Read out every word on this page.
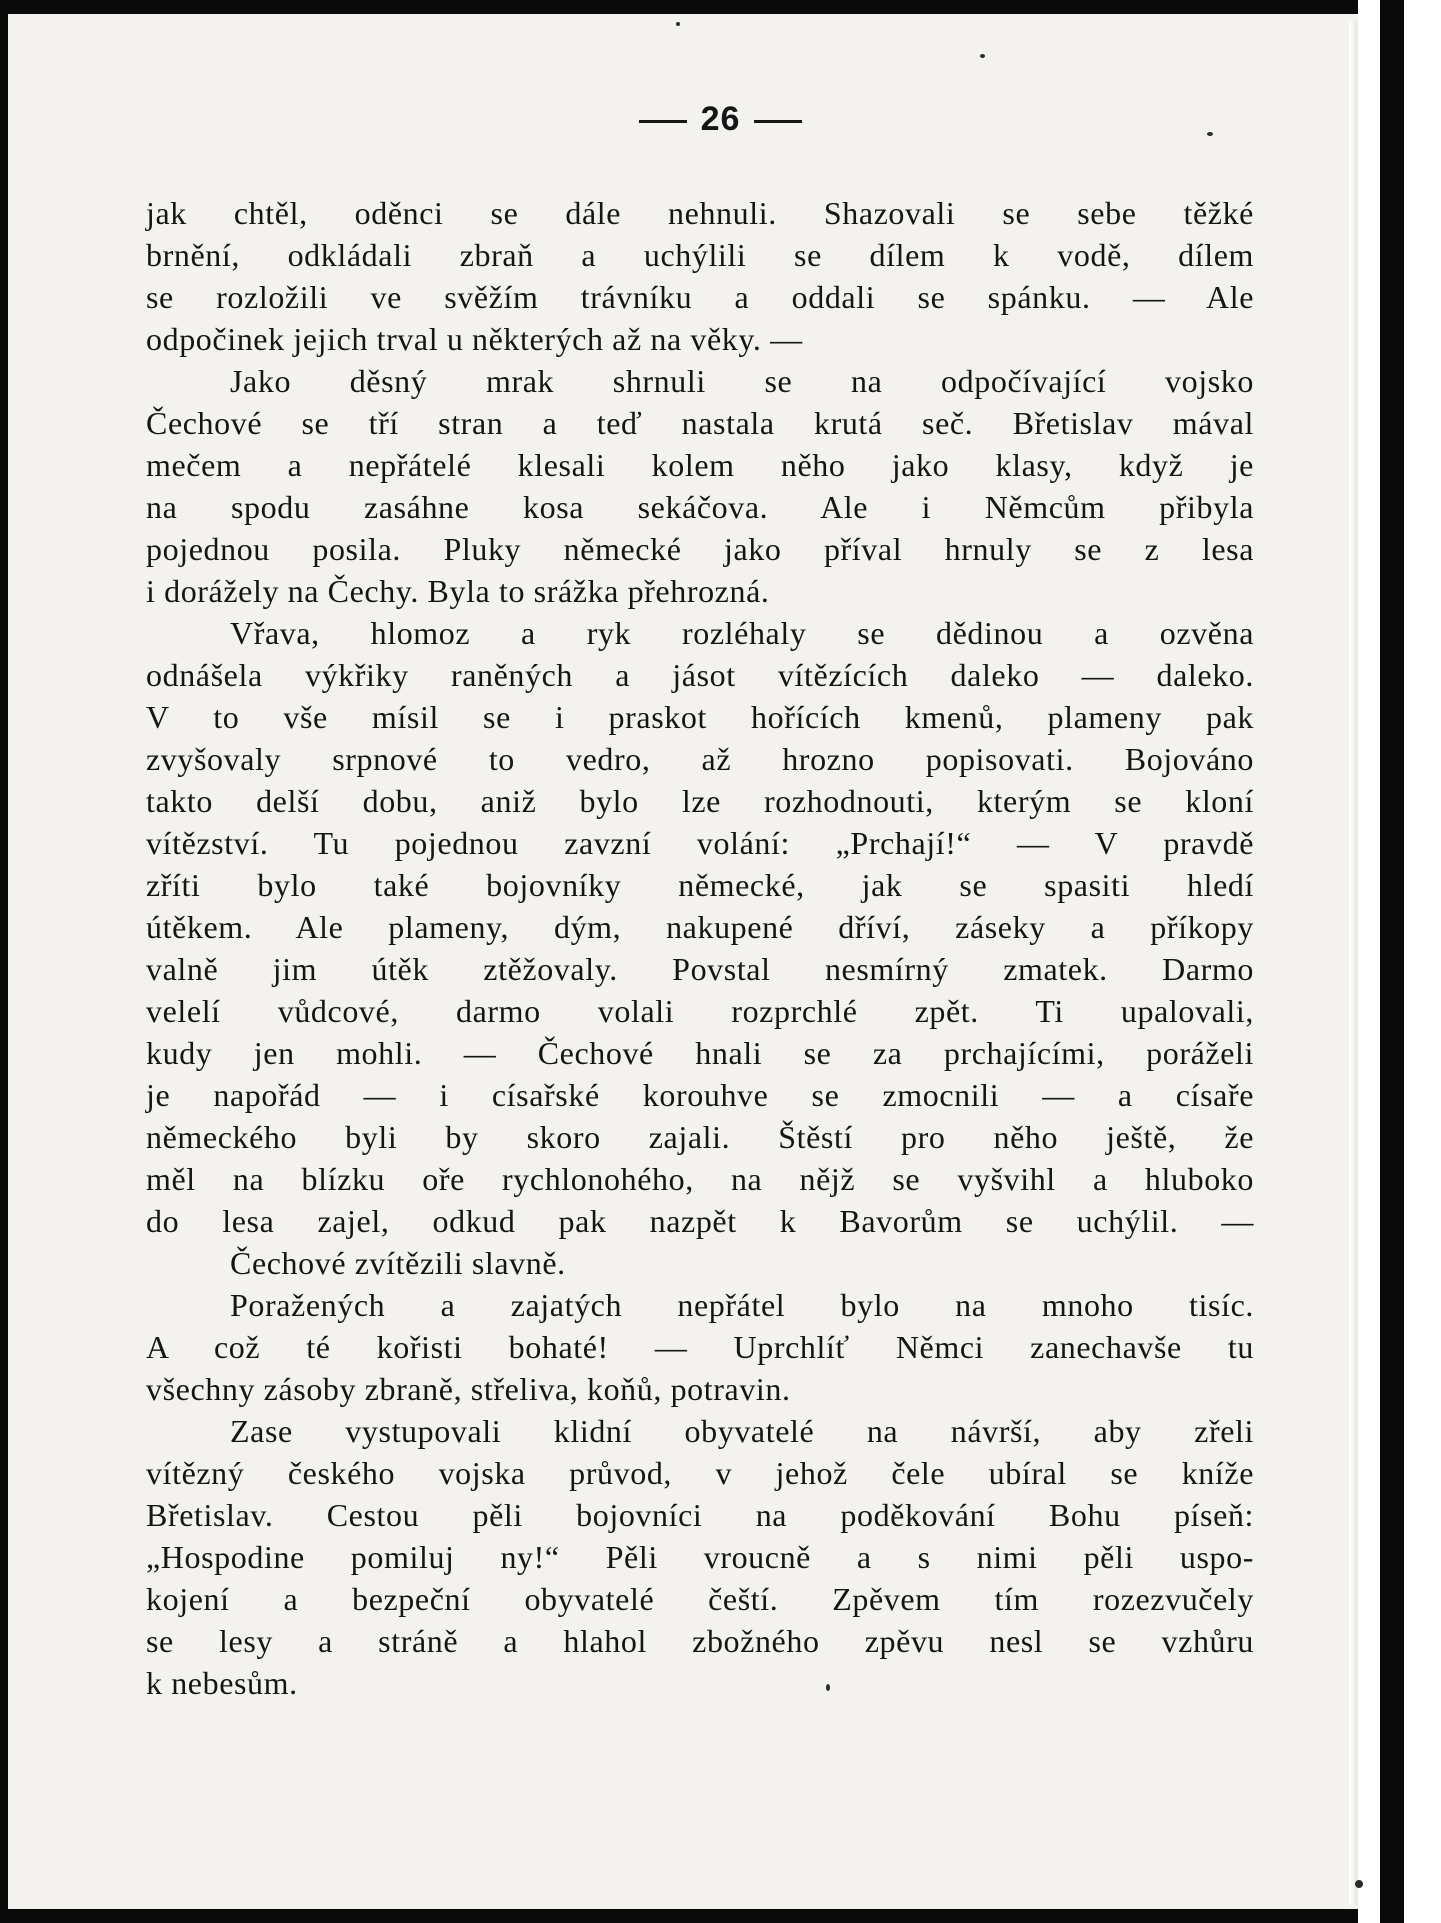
26
jak chtěl, oděnci se dále nehnuli. Shazovali se sebe těžké
brnění, odkládali zbraň a uchýlili se dílem k vodě, dílem
se rozložili ve svěžím trávníku a oddali se spánku. — Ale
odpočinek jejich trval u některých až na věky. —
Jako děsný mrak shrnuli se na odpočívající vojsko
Čechové se tří stran a teď nastala krutá seč. Břetislav mával
mečem a nepřátelé klesali kolem něho jako klasy, když je
na spodu zasáhne kosa sekáčova. Ale i Němcům přibyla
pojednou posila. Pluky německé jako příval hrnuly se z lesa
i dorážely na Čechy. Byla to srážka přehrozná.
Vřava, hlomoz a ryk rozléhaly se dědinou a ozvěna
odnášela výkřiky raněných a jásot vítězících daleko — daleko.
V to vše mísil se i praskot hořících kmenů, plameny pak
zvyšovaly srpnové to vedro, až hrozno popisovati. Bojováno
takto delší dobu, aniž bylo lze rozhodnouti, kterým se kloní
vítězství. Tu pojednou zavzní volání: „Prchají!“ — V pravdě
zříti bylo také bojovníky německé, jak se spasiti hledí
útěkem. Ale plameny, dým, nakupené dříví, záseky a příkopy
valně jim útěk ztěžovaly. Povstal nesmírný zmatek. Darmo
velelí vůdcové, darmo volali rozprchlé zpět. Ti upalovali,
kudy jen mohli. — Čechové hnali se za prchajícími, poráželi
je napořád — i císařské korouhve se zmocnili — a císaře
německého byli by skoro zajali. Štěstí pro něho ještě, že
měl na blízku oře rychlonohého, na nějž se vyšvihl a hluboko
do lesa zajel, odkud pak nazpět k Bavorům se uchýlil. —
Čechové zvítězili slavně.
Poražených a zajatých nepřátel bylo na mnoho tisíc.
A což té kořisti bohaté! — Uprchlíť Němci zanechavše tu
všechny zásoby zbraně, střeliva, koňů, potravin.
Zase vystupovali klidní obyvatelé na návrší, aby zřeli
vítězný českého vojska průvod, v jehož čele ubíral se kníže
Břetislav. Cestou pěli bojovníci na poděkování Bohu píseň:
„Hospodine pomiluj ny!“ Pěli vroucně a s nimi pěli uspo-
kojení a bezpeční obyvatelé čeští. Zpěvem tím rozezvučely
se lesy a stráně a hlahol zbožného zpěvu nesl se vzhůru
k nebesům.
